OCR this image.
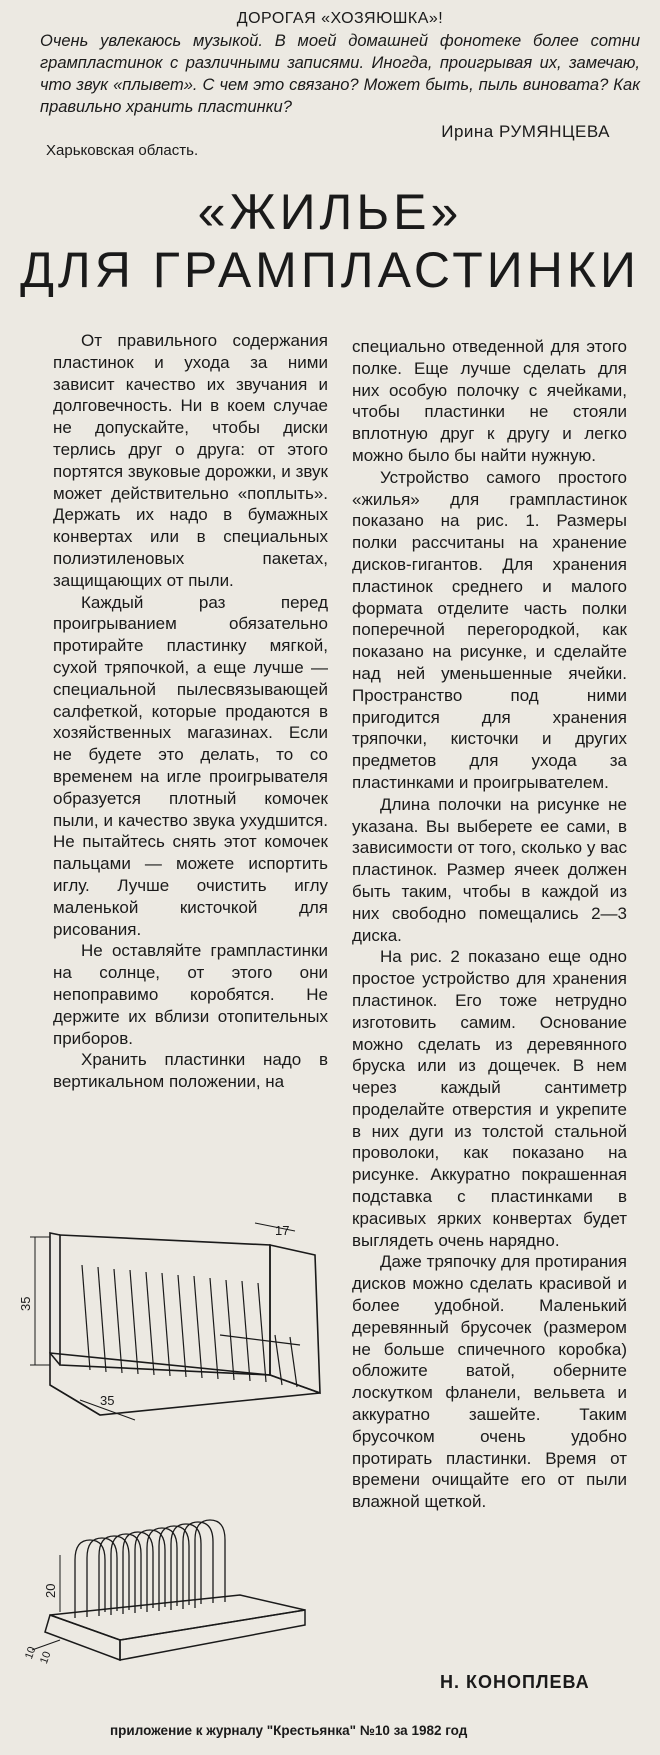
ДОРОГАЯ «ХОЗЯЮШКА»!

Очень увлекаюсь музыкой. В моей домашней фонотеке более сотни грампластинок с различными записями. Иногда, проигрывая их, замечаю, что звук «плывет». С чем это связано? Может быть, пыль виновата? Как правильно хранить пластинки?

Ирина РУМЯНЦЕВА

Харьковская область.

«ЖИЛЬЕ»
ДЛЯ ГРАМПЛАСТИНКИ

От правильного содержания пластинок и ухода за ними зависит качество их звучания и долговечность. Ни в коем случае не допускайте, чтобы диски терлись друг о друга: от этого портятся звуковые дорожки, и звук может действительно «поплыть». Держать их надо в бумажных конвертах или в специальных полиэтиленовых пакетах, защищающих от пыли.

Каждый раз перед проигрыванием обязательно протирайте пластинку мягкой, сухой тряпочкой, а еще лучше — специальной пылесвязывающей салфеткой, которые продаются в хозяйственных магазинах. Если не будете это делать, то со временем на игле проигрывателя образуется плотный комочек пыли, и качество звука ухудшится. Не пытайтесь снять этот комочек пальцами — можете испортить иглу. Лучше очистить иглу маленькой кисточкой для рисования.

Не оставляйте грампластинки на солнце, от этого они непоправимо коробятся. Не держите их вблизи отопительных приборов.

Хранить пластинки надо в вертикальном положении, на

специально отведенной для этого полке. Еще лучше сделать для них особую полочку с ячейками, чтобы пластинки не стояли вплотную друг к другу и легко можно было бы найти нужную.

Устройство самого простого «жилья» для грампластинок показано на рис. 1. Размеры полки рассчитаны на хранение дисков-гигантов. Для хранения пластинок среднего и малого формата отделите часть полки поперечной перегородкой, как показано на рисунке, и сделайте над ней уменьшенные ячейки. Пространство под ними пригодится для хранения тряпочки, кисточки и других предметов для ухода за пластинками и проигрывателем.

Длина полочки на рисунке не указана. Вы выберете ее сами, в зависимости от того, сколько у вас пластинок. Размер ячеек должен быть таким, чтобы в каждой из них свободно помещались 2—3 диска.

На рис. 2 показано еще одно простое устройство для хранения пластинок. Его тоже нетрудно изготовить самим. Основание можно сделать из деревянного бруска или из дощечек. В нем через каждый сантиметр проделайте отверстия и укрепите в них дуги из толстой стальной проволоки, как показано на рисунке. Аккуратно покрашенная подставка с пластинками в красивых ярких конвертах будет выглядеть очень нарядно.

Даже тряпочку для протирания дисков можно сделать красивой и более удобной. Маленький деревянный брусочек (размером не больше спичечного коробка) обложите ватой, оберните лоскутком фланели, вельвета и аккуратно зашейте. Таким брусочком очень удобно протирать пластинки. Время от времени очищайте его от пыли влажной щеткой.

35
17
35
20
10 10
Н. КОНОПЛЕВА
приложение к журналу "Крестьянка" №10 за 1982 год
